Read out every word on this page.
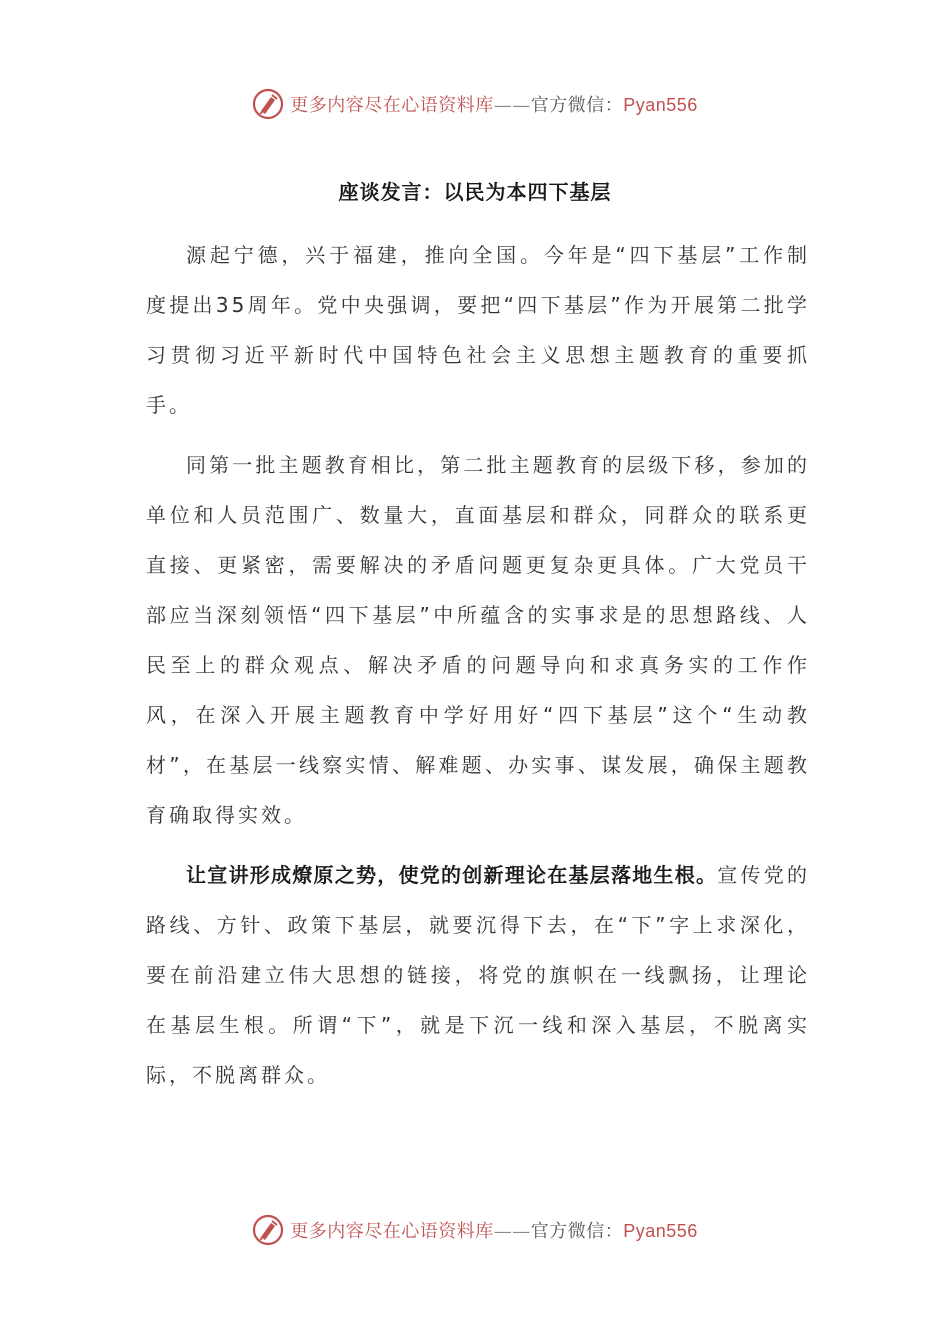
更多内容尽在心语资料库——官方微信：Pyan556
座谈发言：以民为本四下基层

源起宁德，兴于福建，推向全国。今年是“四下基层”工作制度提出35周年。党中央强调，要把“四下基层”作为开展第二批学习贯彻习近平新时代中国特色社会主义思想主题教育的重要抓手。

同第一批主题教育相比，第二批主题教育的层级下移，参加的单位和人员范围广、数量大，直面基层和群众，同群众的联系更直接、更紧密，需要解决的矛盾问题更复杂更具体。广大党员干部应当深刻领悟“四下基层”中所蕴含的实事求是的思想路线、人民至上的群众观点、解决矛盾的问题导向和求真务实的工作作风，在深入开展主题教育中学好用好“四下基层”这个“生动教材”，在基层一线察实情、解难题、办实事、谋发展，确保主题教育确取得实效。

让宣讲形成燎原之势，使党的创新理论在基层落地生根。宣传党的路线、方针、政策下基层，就要沉得下去，在“下”字上求深化，要在前沿建立伟大思想的链接，将党的旗帜在一线飘扬，让理论在基层生根。所谓“下”，就是下沉一线和深入基层，不脱离实际，不脱离群众。

更多内容尽在心语资料库——官方微信：Pyan556
